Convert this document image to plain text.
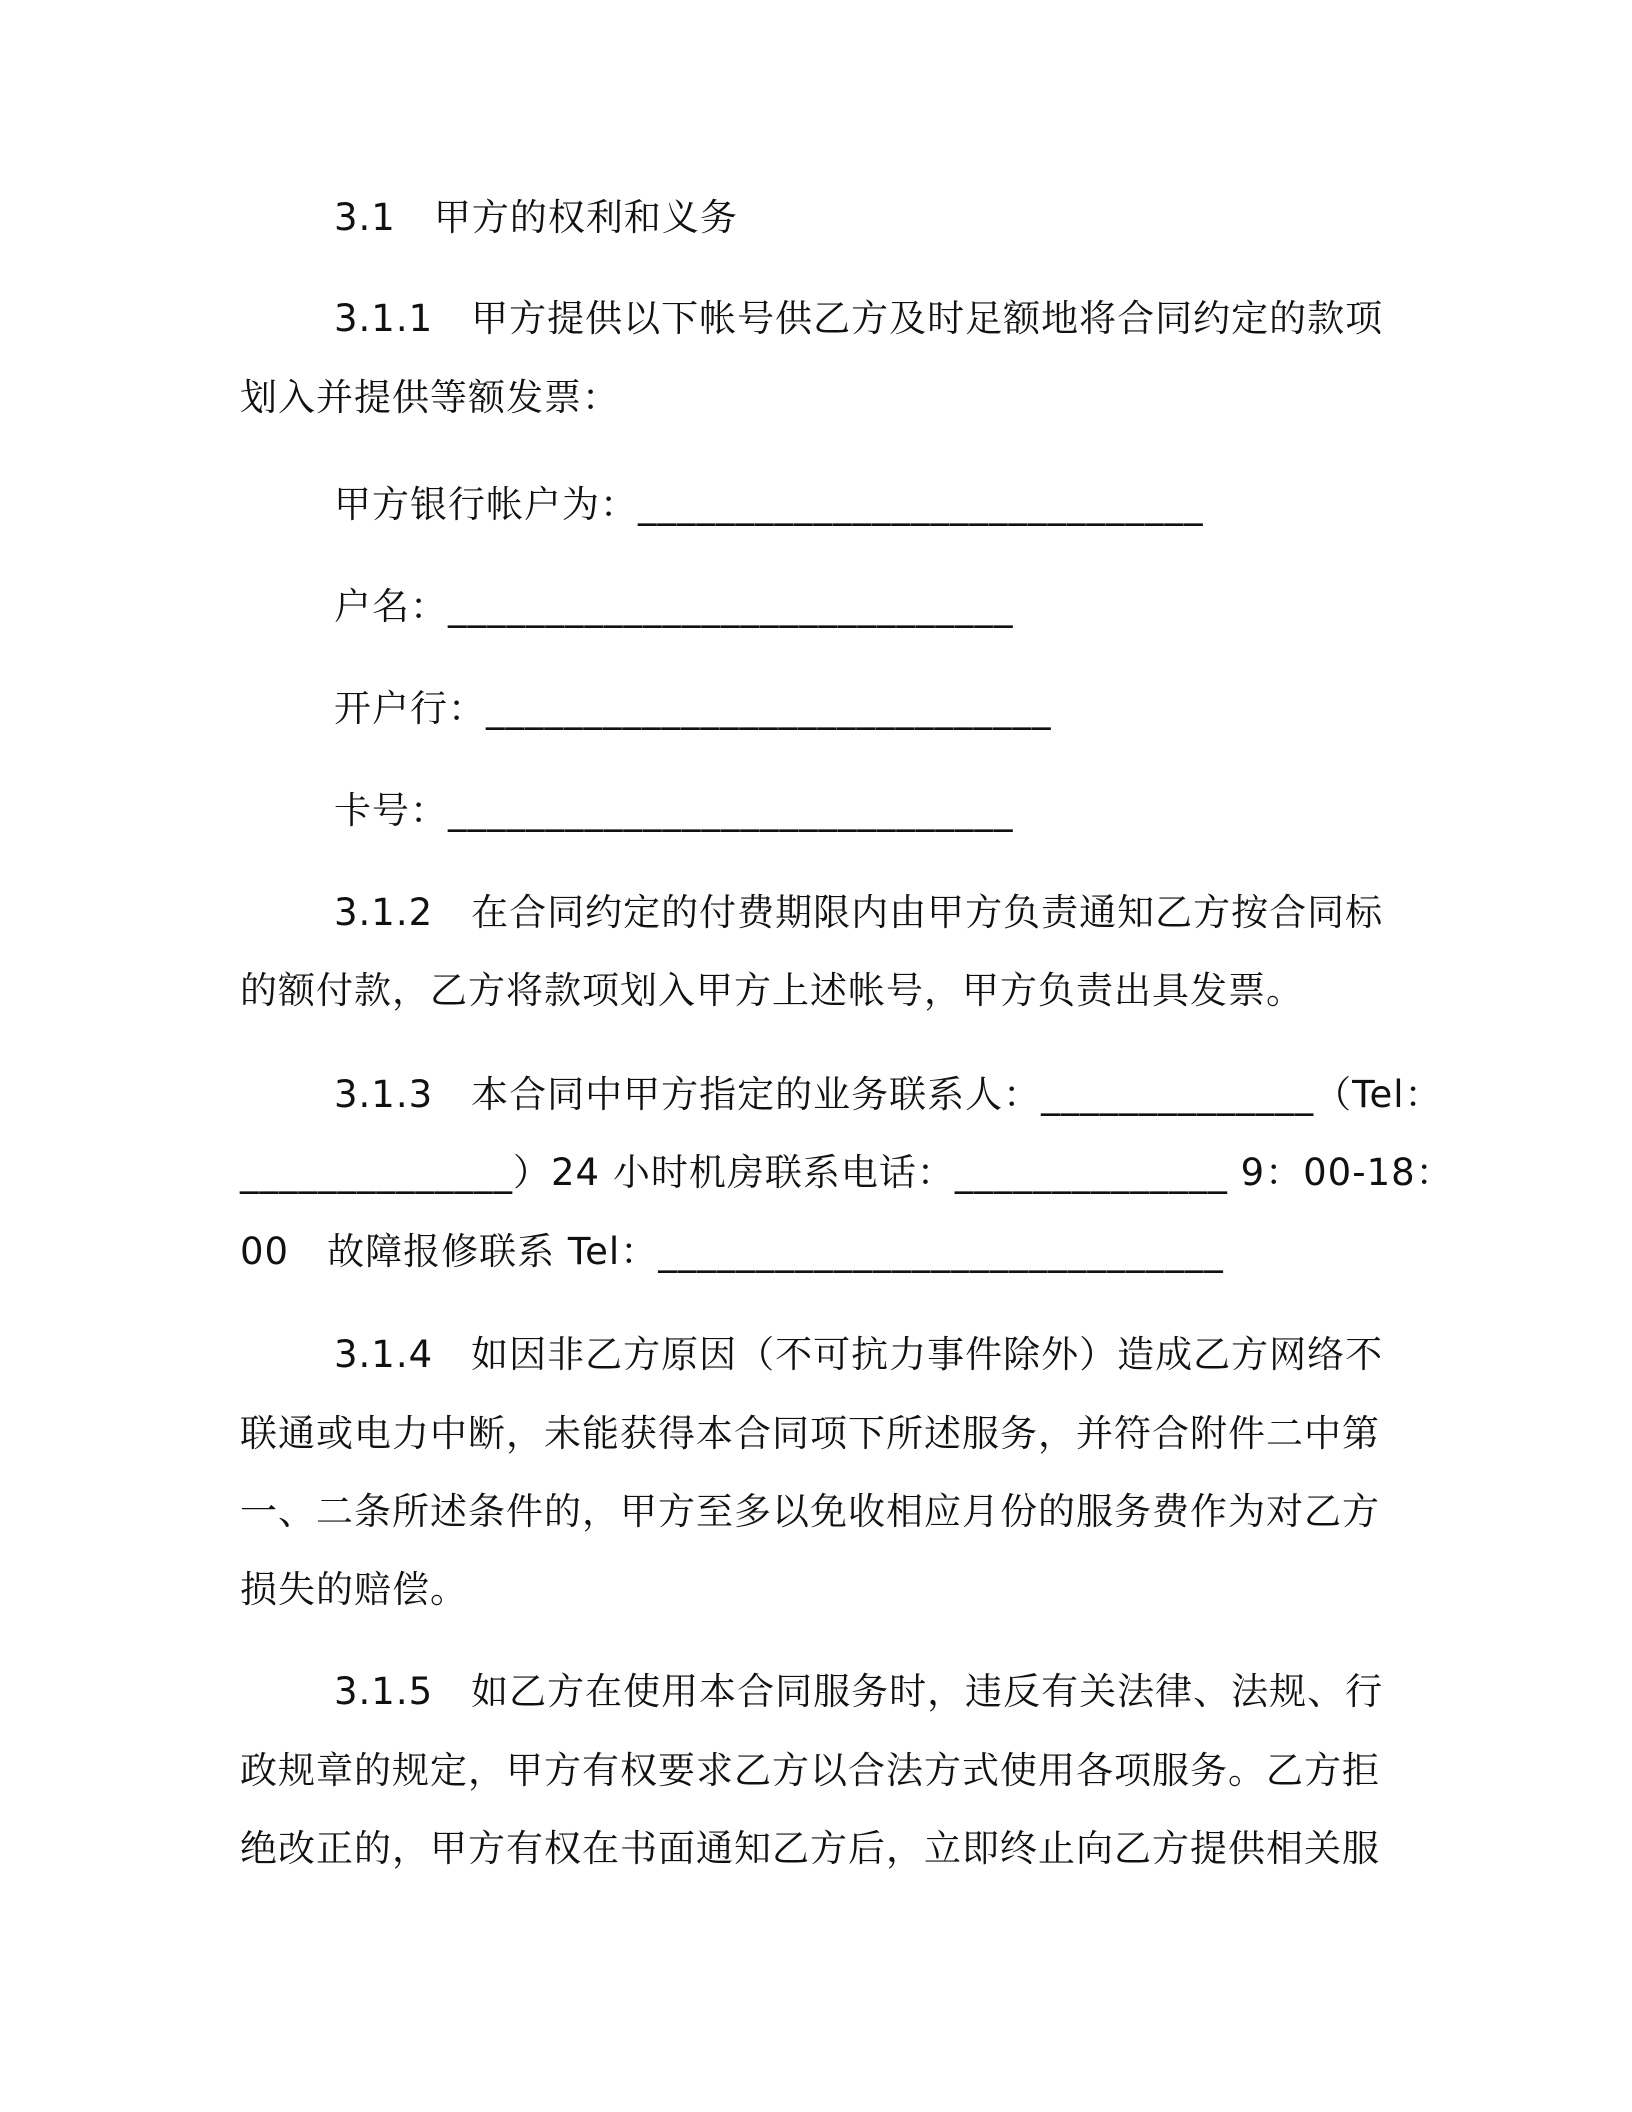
3.1　甲方的权利和义务
3.1.1　甲方提供以下帐号供乙方及时足额地将合同约定的款项
划入并提供等额发票：
甲方银行帐户为：_____________________________
户名：_____________________________
开户行：_____________________________
卡号：_____________________________
3.1.2　在合同约定的付费期限内由甲方负责通知乙方按合同标
的额付款，乙方将款项划入甲方上述帐号，甲方负责出具发票。
3.1.3　本合同中甲方指定的业务联系人：______________（Tel：
______________）24 小时机房联系电话：______________ 9：00-18：
00　故障报修联系 Tel：_____________________________
3.1.4　如因非乙方原因（不可抗力事件除外）造成乙方网络不
联通或电力中断，未能获得本合同项下所述服务，并符合附件二中第
一、二条所述条件的，甲方至多以免收相应月份的服务费作为对乙方
损失的赔偿。
3.1.5　如乙方在使用本合同服务时，违反有关法律、法规、行
政规章的规定，甲方有权要求乙方以合法方式使用各项服务。乙方拒
绝改正的，甲方有权在书面通知乙方后，立即终止向乙方提供相关服
